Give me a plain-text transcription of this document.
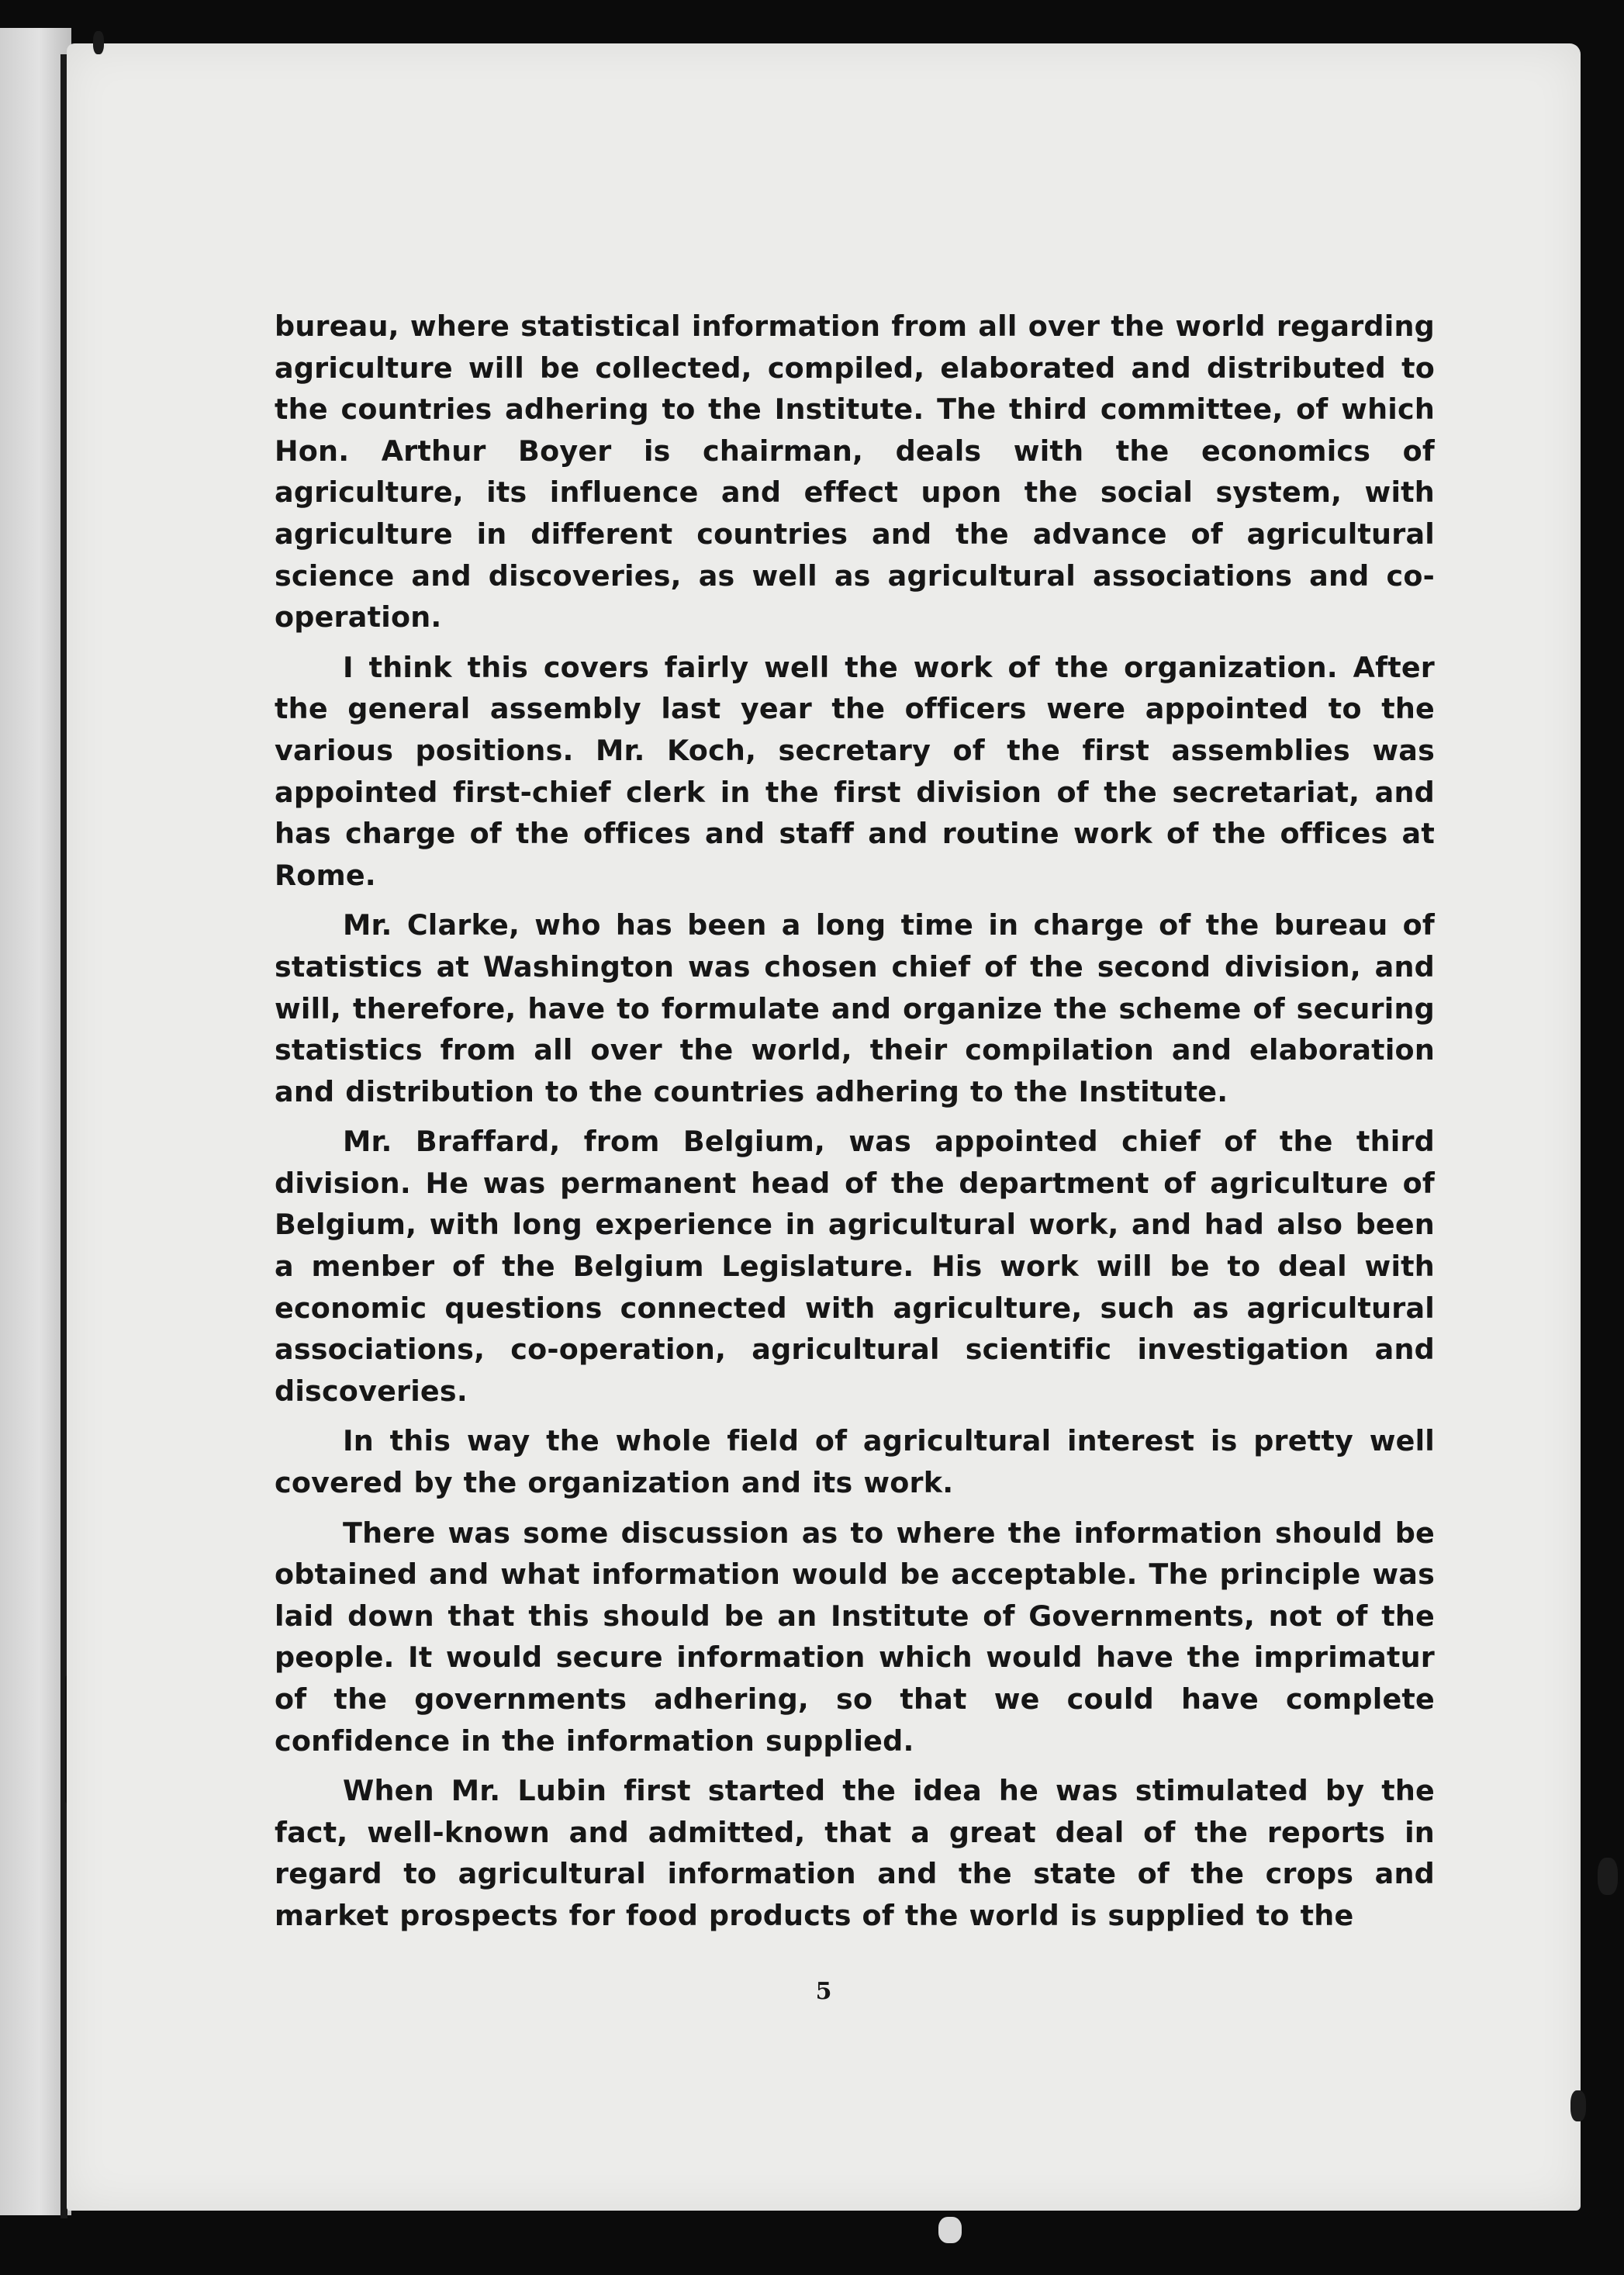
bureau, where statistical information from all over the world regarding agriculture will be collected, compiled, elaborated and distributed to the countries adhering to the Institute. The third committee, of which Hon. Arthur Boyer is chairman, deals with the economics of agriculture, its influence and effect upon the social system, with agriculture in different countries and the advance of agricultural science and discoveries, as well as agricultural associations and co-operation.

I think this covers fairly well the work of the organization. After the general assembly last year the officers were appointed to the various positions. Mr. Koch, secretary of the first assemblies was appointed first-chief clerk in the first division of the secretariat, and has charge of the offices and staff and routine work of the offices at Rome.

Mr. Clarke, who has been a long time in charge of the bureau of statistics at Washington was chosen chief of the second division, and will, therefore, have to formulate and organize the scheme of securing statistics from all over the world, their compilation and elaboration and distribution to the countries adhering to the Institute.

Mr. Braffard, from Belgium, was appointed chief of the third division. He was permanent head of the department of agriculture of Belgium, with long experience in agricultural work, and had also been a menber of the Belgium Legislature. His work will be to deal with economic questions connected with agriculture, such as agricultural associations, co-operation, agricultural scientific investigation and discoveries.

In this way the whole field of agricultural interest is pretty well covered by the organization and its work.

There was some discussion as to where the information should be obtained and what information would be acceptable. The principle was laid down that this should be an Institute of Governments, not of the people. It would secure information which would have the imprimatur of the governments adhering, so that we could have complete confidence in the information supplied.

When Mr. Lubin first started the idea he was stimulated by the fact, well-known and admitted, that a great deal of the reports in regard to agricultural information and the state of the crops and market prospects for food products of the world is supplied to the

5
